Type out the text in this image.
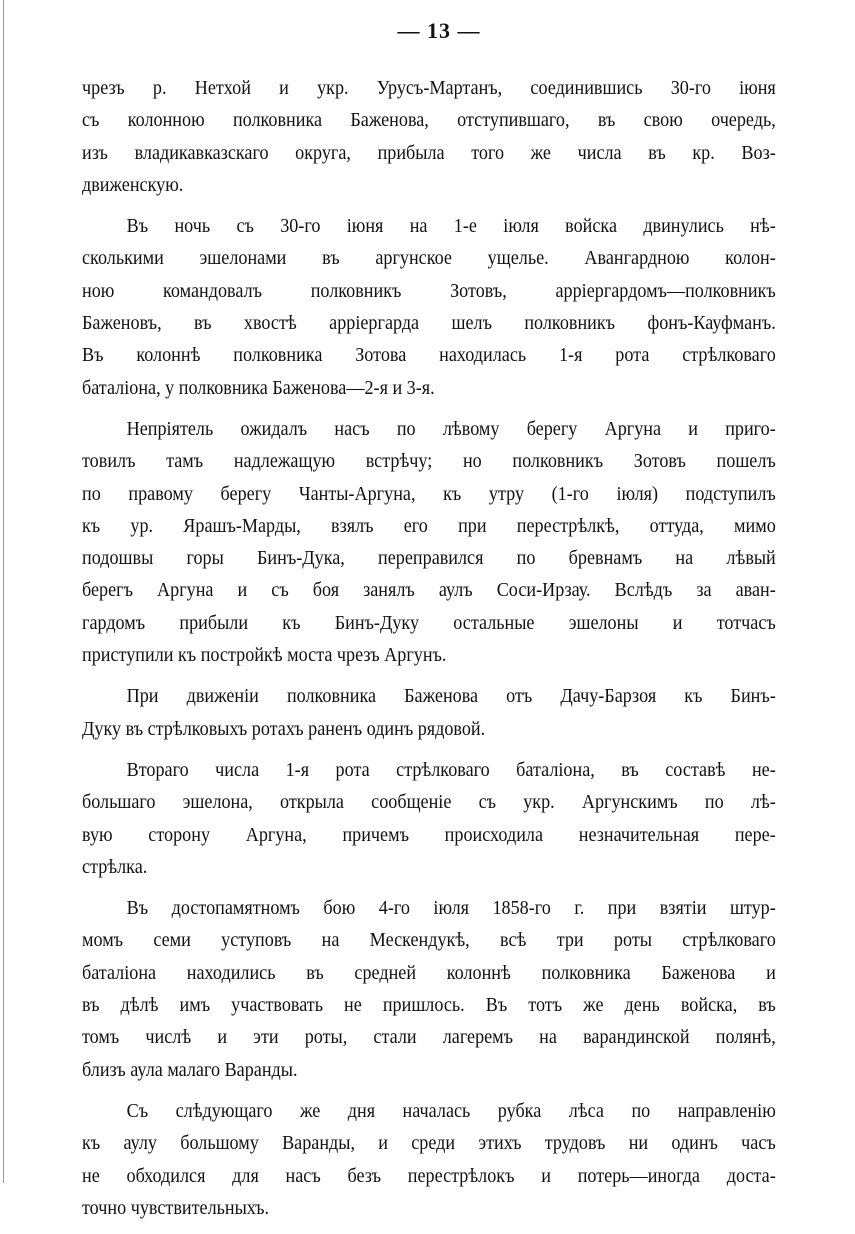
— 13 —
чрезъ р. Нетхой и укр. Урусъ-Мартанъ, соединившись 30-го іюня
съ колонною полковника Баженова, отступившаго, въ свою очередь,
изъ владикавказскаго округа, прибыла того же числа въ кр. Воз-
движенскую.
Въ ночь съ 30-го іюня на 1-е іюля войска двинулись нѣ-
сколькими эшелонами въ аргунское ущелье. Авангардною колон-
ною командовалъ полковникъ Зотовъ, арріергардомъ—полковникъ
Баженовъ, въ хвостѣ арріергарда шелъ полковникъ фонъ-Кауфманъ.
Въ колоннѣ полковника Зотова находилась 1-я рота стрѣлковаго
баталіона, у полковника Баженова—2-я и 3-я.
Непріятель ожидалъ насъ по лѣвому берегу Аргуна и приго-
товилъ тамъ надлежащую встрѣчу; но полковникъ Зотовъ пошелъ
по правому берегу Чанты-Аргуна, къ утру (1-го іюля) подступилъ
къ ур. Ярашъ-Марды, взялъ его при перестрѣлкѣ, оттуда, мимо
подошвы горы Бинъ-Дука, переправился по бревнамъ на лѣвый
берегъ Аргуна и съ боя занялъ аулъ Соси-Ирзау. Вслѣдъ за аван-
гардомъ прибыли къ Бинъ-Дуку остальные эшелоны и тотчасъ
приступили къ постройкѣ моста чрезъ Аргунъ.
При движеніи полковника Баженова отъ Дачу-Барзоя къ Бинъ-
Дуку въ стрѣлковыхъ ротахъ раненъ одинъ рядовой.
Втораго числа 1-я рота стрѣлковаго баталіона, въ составѣ не-
большаго эшелона, открыла сообщеніе съ укр. Аргунскимъ по лѣ-
вую сторону Аргуна, причемъ происходила незначительная пере-
стрѣлка.
Въ достопамятномъ бою 4-го іюля 1858-го г. при взятіи штур-
момъ семи уступовъ на Мескендукѣ, всѣ три роты стрѣлковаго
баталіона находились въ средней колоннѣ полковника Баженова и
въ дѣлѣ имъ участвовать не пришлось. Въ тотъ же день войска, въ
томъ числѣ и эти роты, стали лагеремъ на варандинской полянѣ,
близъ аула малаго Варанды.
Съ слѣдующаго же дня началась рубка лѣса по направленію
къ аулу большому Варанды, и среди этихъ трудовъ ни одинъ часъ
не обходился для насъ безъ перестрѣлокъ и потерь—иногда доста-
точно чувствительныхъ.
